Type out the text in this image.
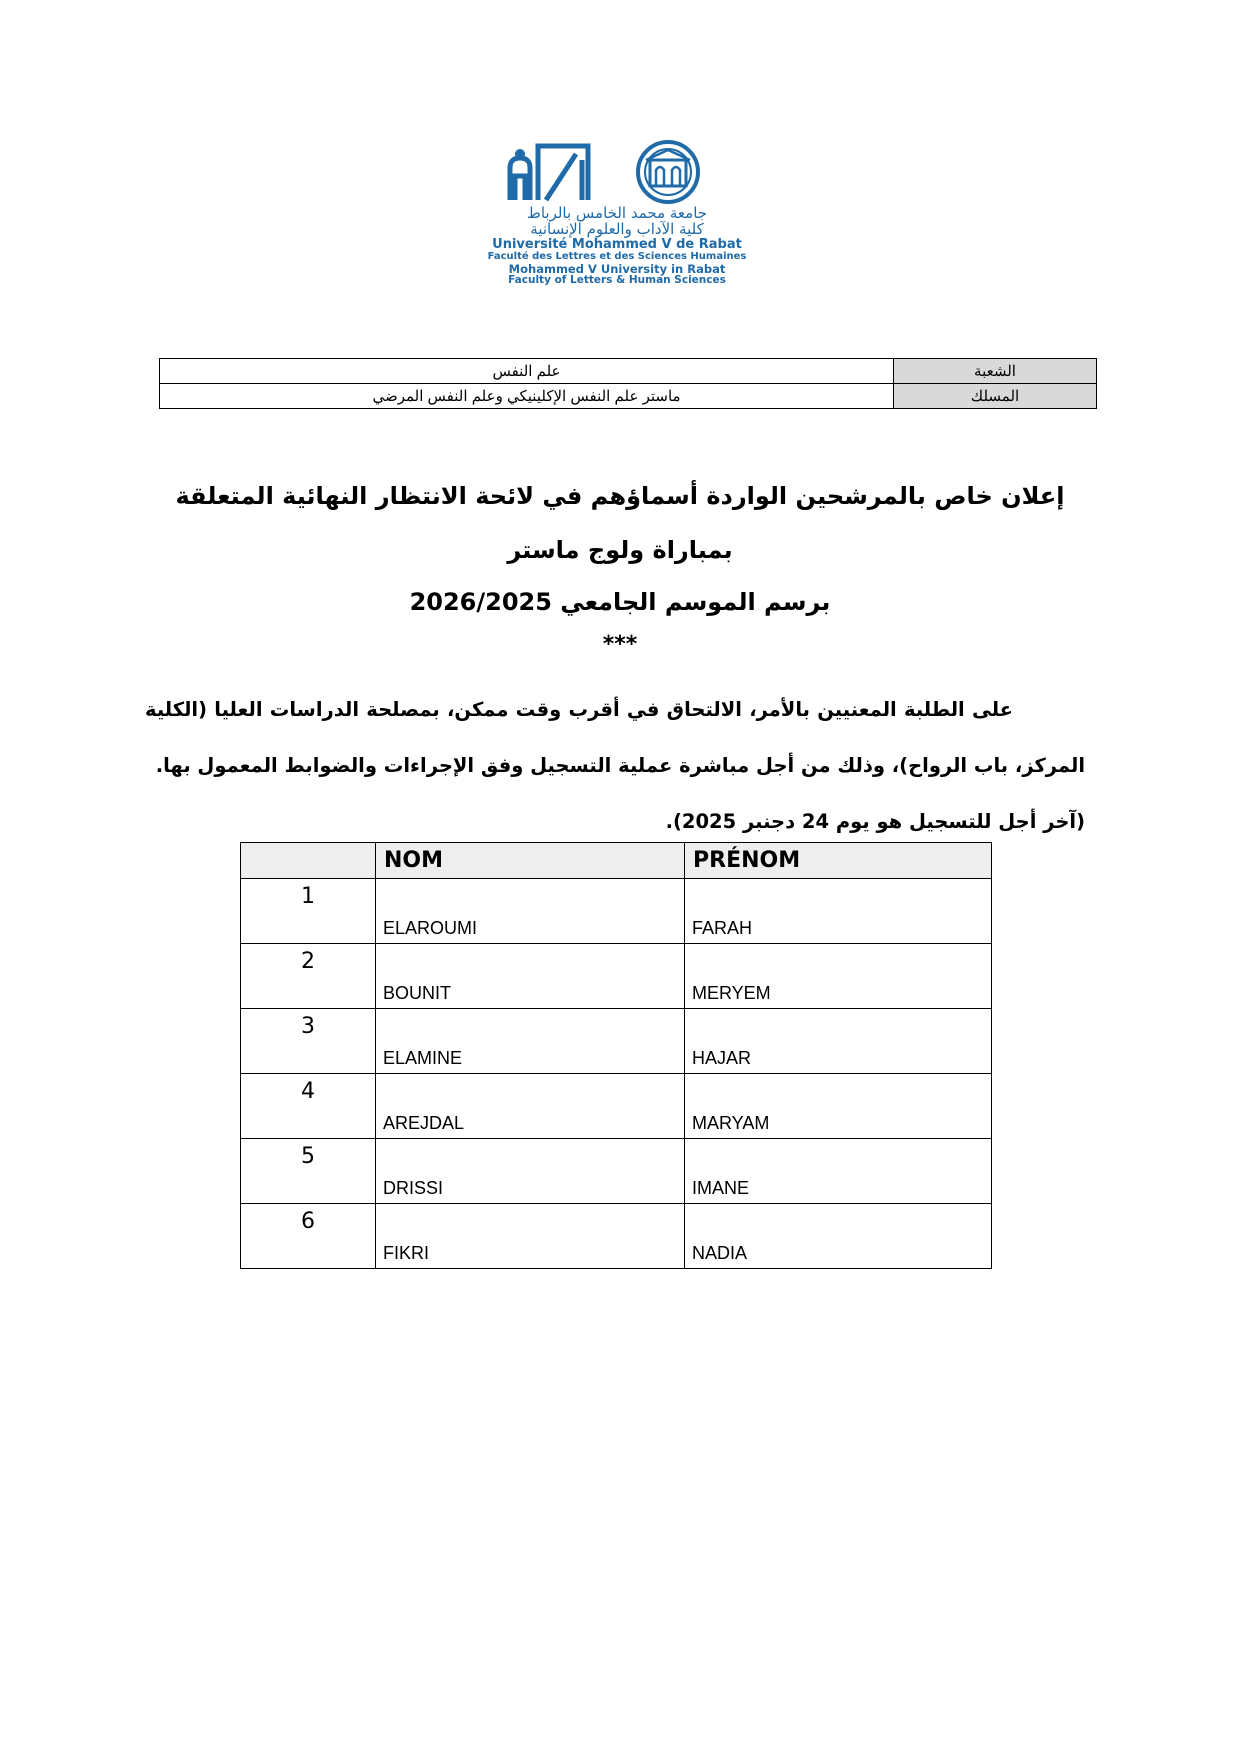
جامعة محمد الخامس بالرباط
كلية الآداب والعلوم الإنسانية
Université Mohammed V de Rabat
Faculté des Lettres et des Sciences Humaines
Mohammed V University in Rabat
Faculty of Letters & Human Sciences
الشعبة	علم النفس
المسلك	ماستر علم النفس الإكلينيكي وعلم النفس المرضي
إعلان خاص بالمرشحين الواردة أسماؤهم في لائحة الانتظار النهائية المتعلقة
بمباراة ولوج ماستر
برسم الموسم الجامعي 2026/2025
***
على الطلبة المعنيين بالأمر، الالتحاق في أقرب وقت ممكن، بمصلحة الدراسات العليا (الكلية المركز، باب الرواح)، وذلك من أجل مباشرة عملية التسجيل وفق الإجراءات والضوابط المعمول بها.
(آخر أجل للتسجيل هو يوم 24 دجنبر 2025).
	NOM	PRÉNOM
1	ELAROUMI	FARAH
2	BOUNIT	MERYEM
3	ELAMINE	HAJAR
4	AREJDAL	MARYAM
5	DRISSI	IMANE
6	FIKRI	NADIA
